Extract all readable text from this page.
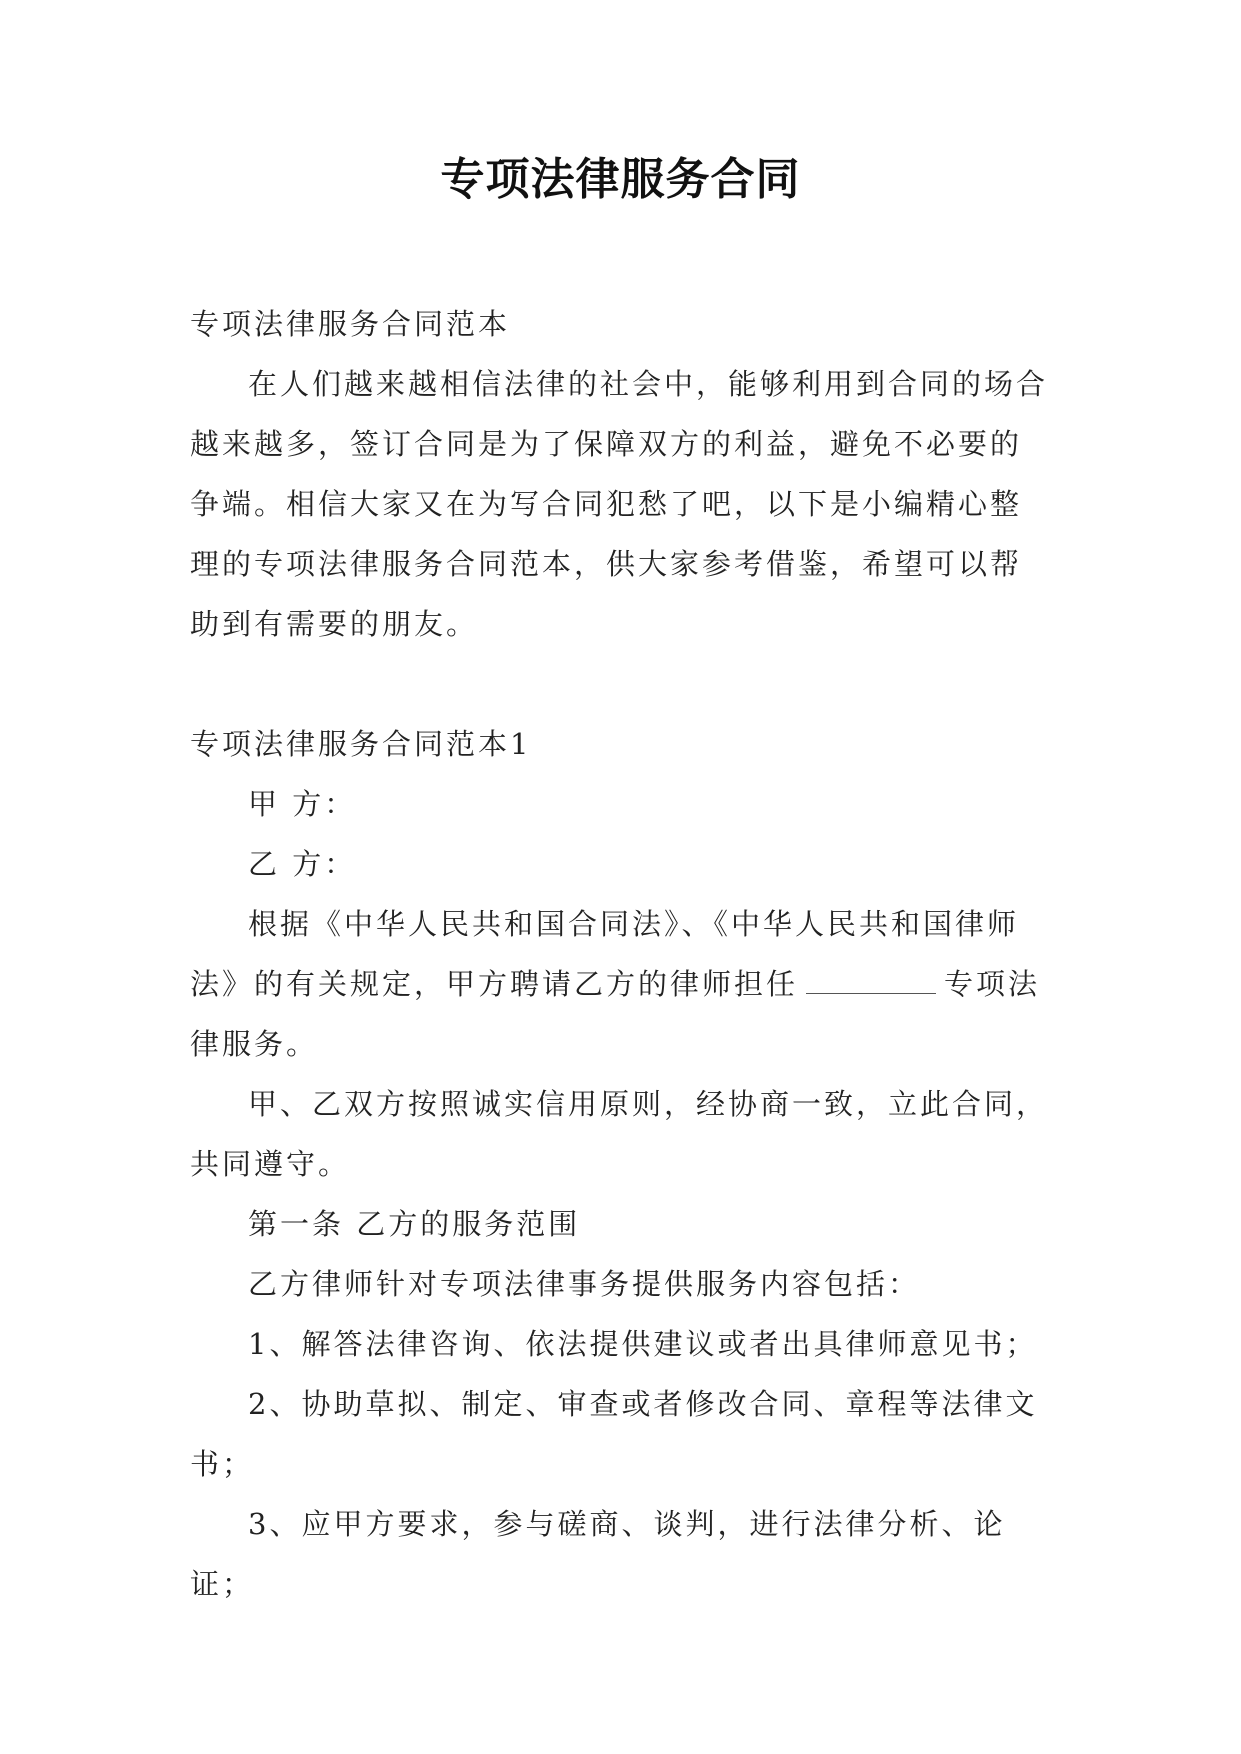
专项法律服务合同

专项法律服务合同范本

在人们越来越相信法律的社会中，能够利用到合同的场合越来越多，签订合同是为了保障双方的利益，避免不必要的争端。相信大家又在为写合同犯愁了吧，以下是小编精心整理的专项法律服务合同范本，供大家参考借鉴，希望可以帮助到有需要的朋友。

专项法律服务合同范本1

甲 方：

乙 方：

根据《中华人民共和国合同法》、《中华人民共和国律师法》的有关规定，甲方聘请乙方的律师担任	专项法律服务。

甲、乙双方按照诚实信用原则，经协商一致，立此合同，共同遵守。

第一条 乙方的服务范围

乙方律师针对专项法律事务提供服务内容包括：

1、解答法律咨询、依法提供建议或者出具律师意见书；

2、协助草拟、制定、审查或者修改合同、章程等法律文书；

3、应甲方要求，参与磋商、谈判，进行法律分析、论证；
